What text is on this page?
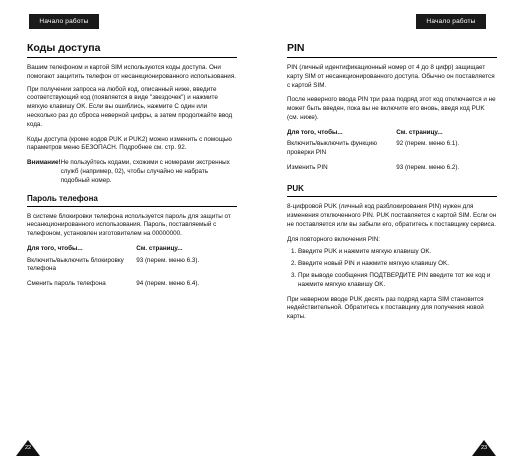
Начало работы	Начало работы
Коды доступа

Вашим телефоном и картой SIM используются коды доступа. Они помогают защитить телефон от несанкционированного использования.

При получении запроса на любой код, описанный ниже, введите соответствующий код (появляется в виде "звездочек") и нажмите мягкую клавишу OK. Если вы ошиблись, нажмите C один или несколько раз до сброса неверной цифры, а затем продолжайте ввод кода.

Коды доступа (кроме кодов PUK и PUK2) можно изменить с помощью параметров меню БЕЗОПАСН. Подробнее см. стр. 92.

Внимание! Не пользуйтесь кодами, схожими с номерами экстренных служб (например, 02), чтобы случайно не набрать подобный номер.
Пароль телефона

В системе блокировки телефона используется пароль для защиты от несанкционированного использования. Пароль, поставляемый с телефоном, установлен изготовителем на 00000000.

Для того, чтобы...	См. страницу...
Включить/выключить блокировку телефона	93 (перем. меню 6.3).
Сменить пароль телефона	94 (перем. меню 6.4).
PIN

PIN (личный идентификационный номер от 4 до 8 цифр) защищает карту SIM от несанкционированного доступа. Обычно он поставляется с картой SIM.

После неверного ввода PIN три раза подряд этот код отключается и не может быть введен, пока вы не включите его вновь, введя код PUK (см. ниже).

Для того, чтобы...	См. страницу...
Включить/выключить функцию проверки PIN	92 (перем. меню 6.1).
Изменить PIN	93 (перем. меню 6.2).
PUK

8-цифровой PUK (личный код разблокирования PIN) нужен для изменения отключенного PIN. PUK поставляется с картой SIM. Если он не поставляется или вы забыли его, обратитесь к поставщику сервиса.

Для повторного включения PIN:

1. Введите PUK и нажмите мягкую клавишу OK.
2. Введите новый PIN и нажмите мягкую клавишу OK.
3. При выводе сообщения ПОДТВЕРДИТЕ PIN введите тот же код и нажмите мягкую клавишу OK.

При неверном вводе PUK десять раз подряд карта SIM становится недействительной. Обратитесь к поставщику для получения новой карты.

22	23
